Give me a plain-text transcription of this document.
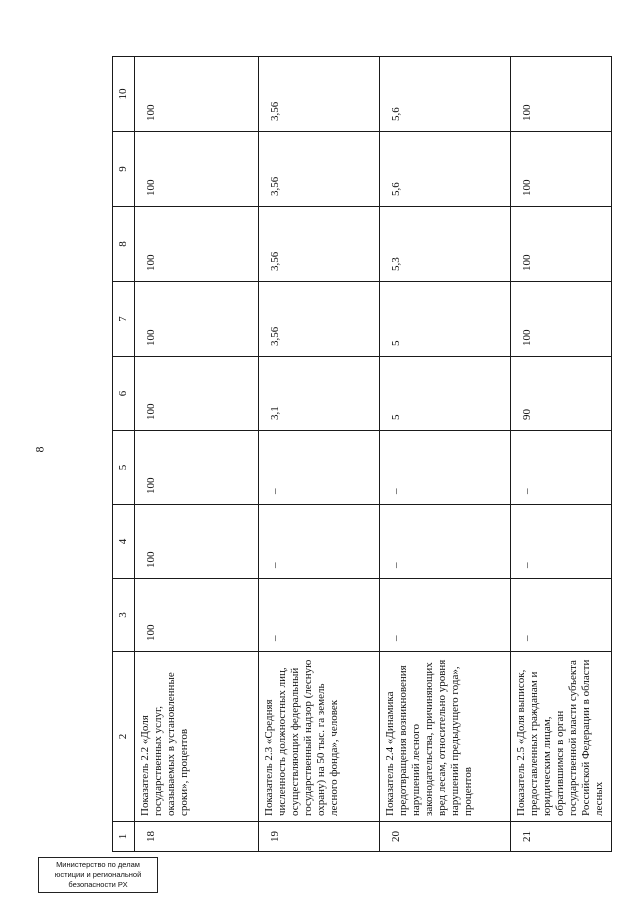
8
1	2	3	4	5	6	7	8	9	10
18	Показатель 2.2 «Доля государственных услуг, оказываемых в установленные сроки», процентов	100	100	100	100	100	100	100	100
19	Показатель 2.3 «Средняя численность должностных лиц, осуществляющих федеральный государственный надзор (лесную охрану) на 50 тыс. га земель лесного фонда», человек	–	–	–	3,1	3,56	3,56	3,56	3,56
20	Показатель 2.4 «Динамика предотвращения возникновения нарушений лесного законодательства, причиняющих вред лесам, относительно уровня нарушений предыдущего года», процентов	–	–	–	5	5	5,3	5,6	5,6
21	Показатель 2.5 «Доля выписок, предоставленных гражданам и юридическим лицам, обратившимся в орган государственной власти субъекта Российской Федерации в области лесных	–	–	–	90	100	100	100	100
Министерство по делам
юстиции и региональной
безопасности РХ
